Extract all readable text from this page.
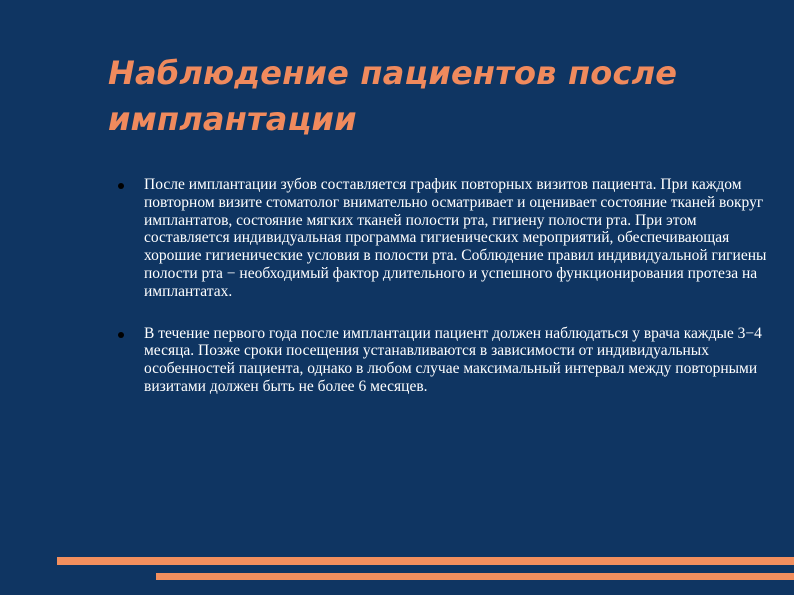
Наблюдение пациентов после имплантации
После имплантации зубов составляется график повторных визитов пациента. При каждом повторном визите стоматолог внимательно осматривает и оценивает состояние тканей вокруг имплантатов, состояние мягких тканей полости рта, гигиену полости рта. При этом составляется индивидуальная программа гигиенических мероприятий, обеспечивающая хорошие гигиенические условия в полости рта. Соблюдение правил индивидуальной гигиены полости рта − необходимый фактор длительного и успешного функционирования протеза на имплантатах.
В течение первого года после имплантации пациент должен наблюдаться у врача каждые 3−4 месяца. Позже сроки посещения устанавливаются в зависимости от индивидуальных особенностей пациента, однако в любом случае максимальный интервал между повторными визитами должен быть не более 6 месяцев.
